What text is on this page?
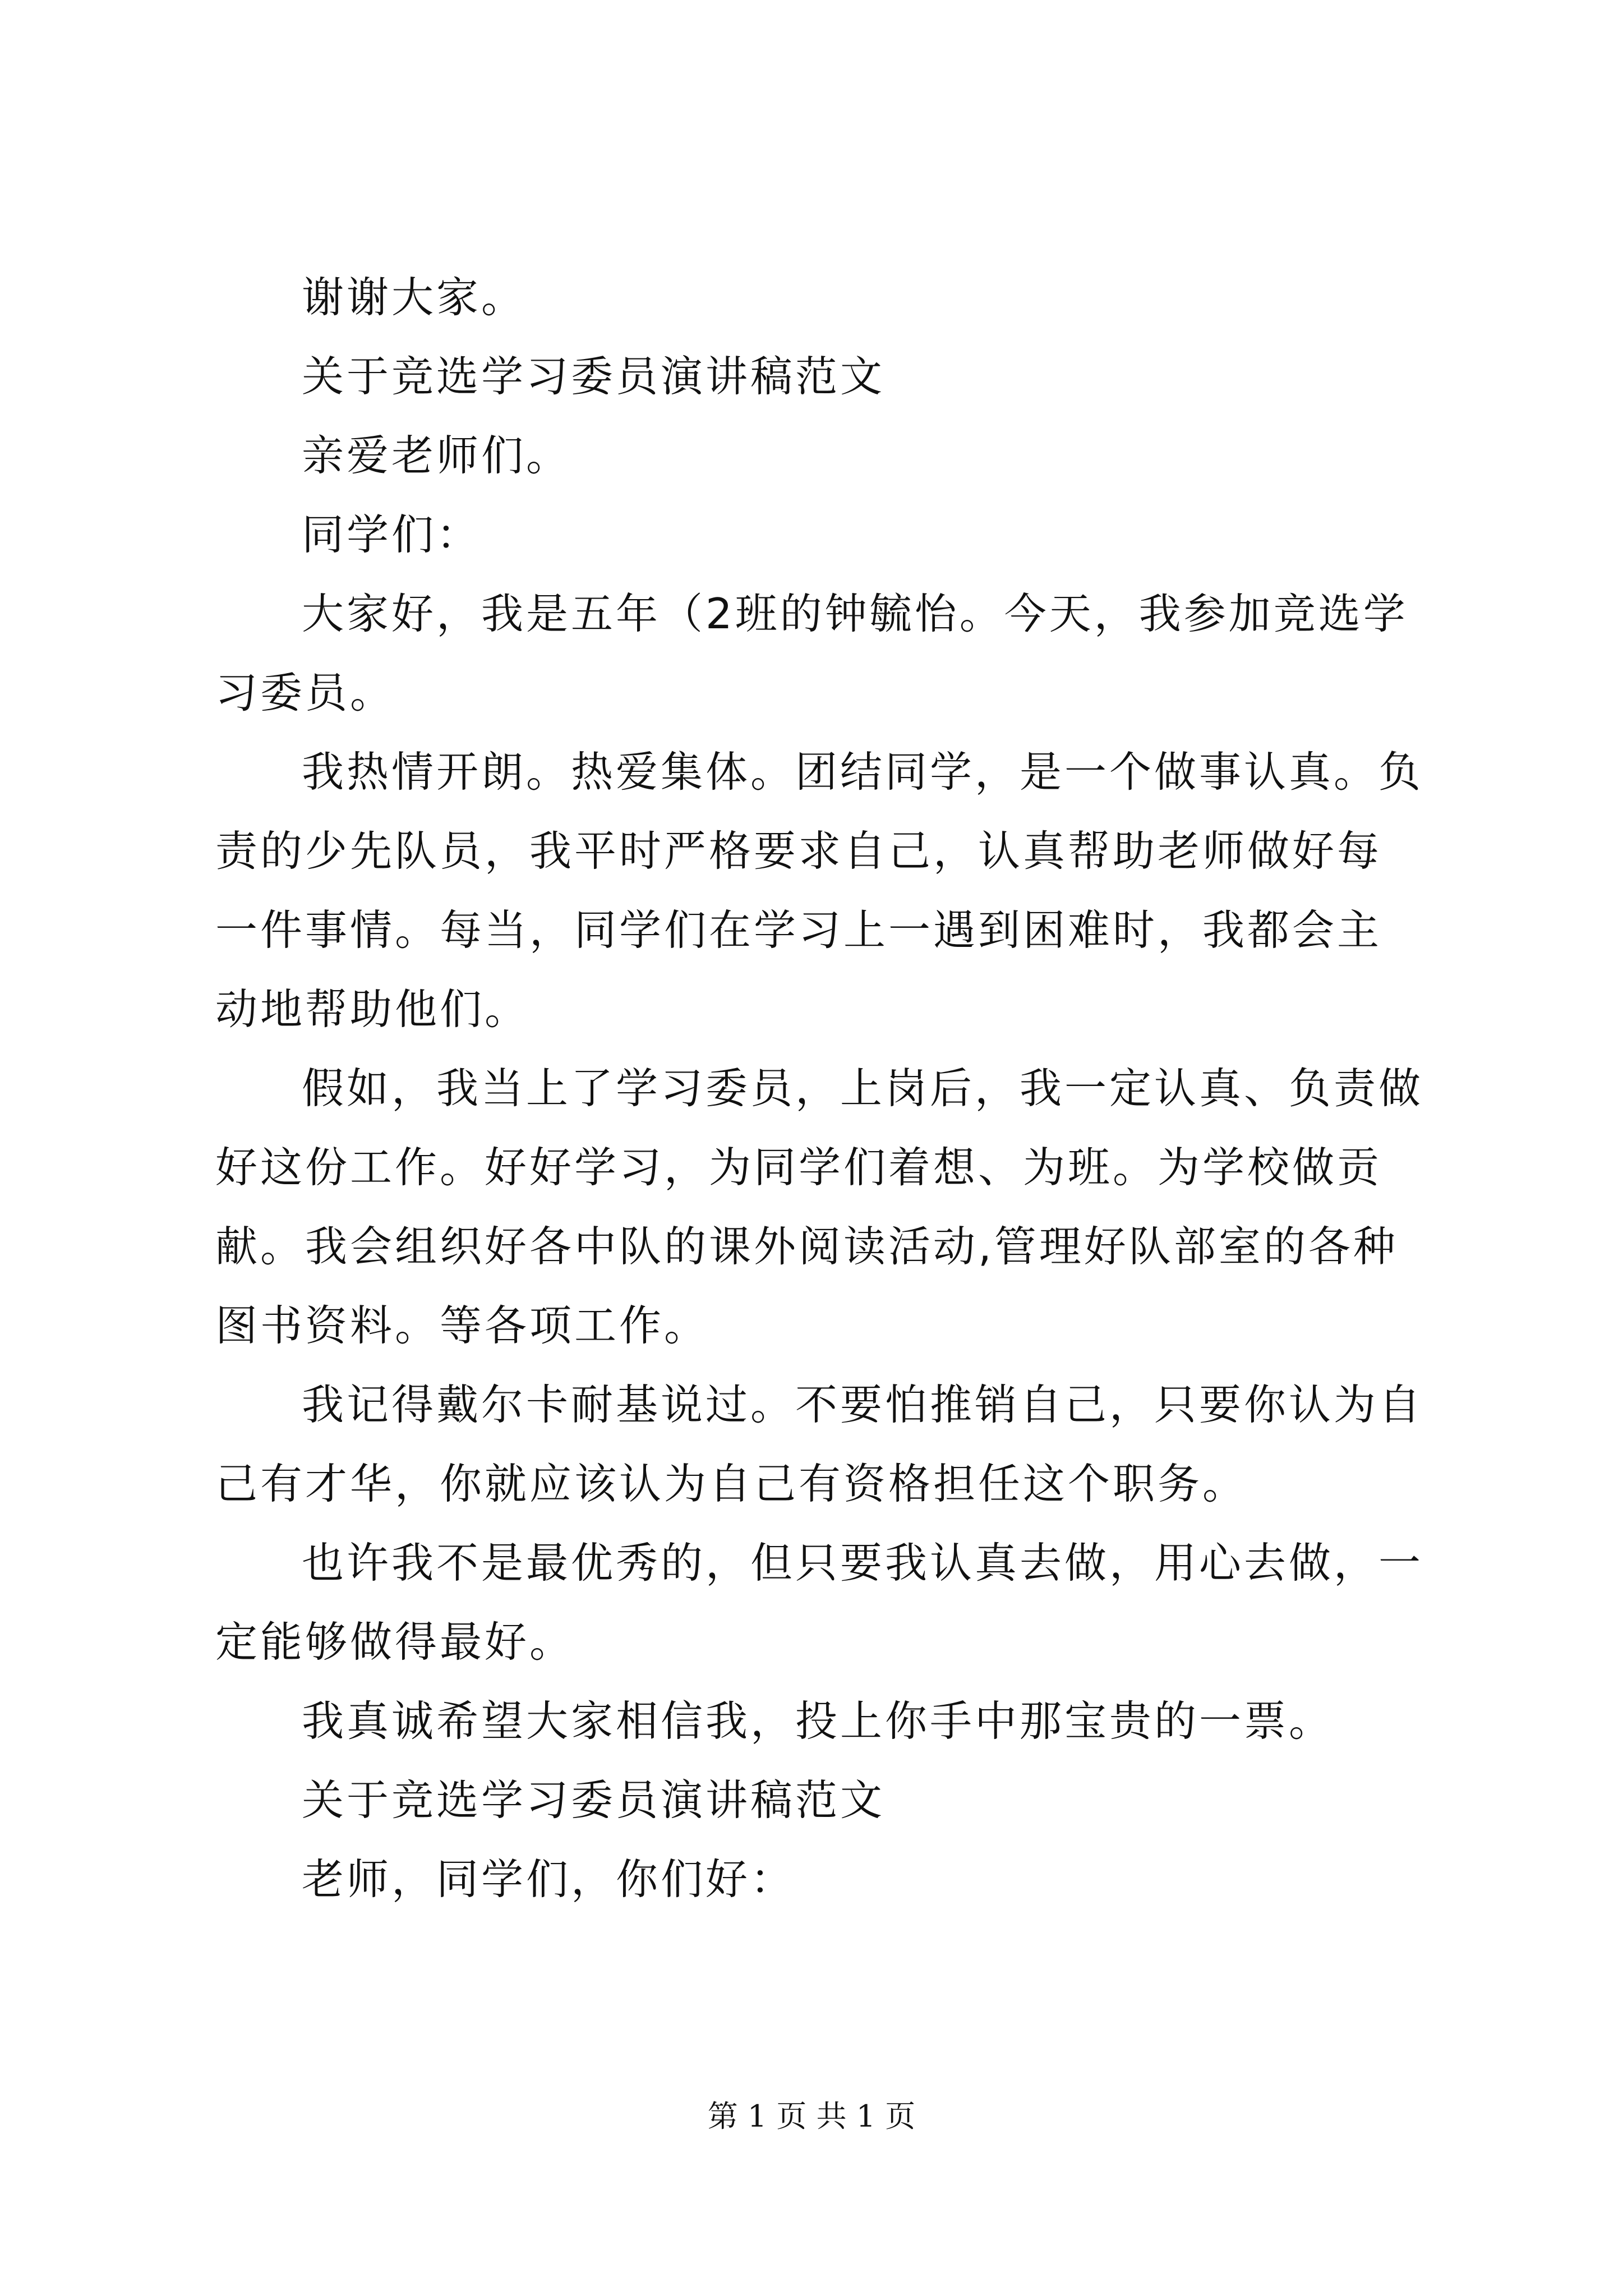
谢谢大家。

关于竞选学习委员演讲稿范文

亲爱老师们。

同学们：

大家好，我是五年（2班的钟毓怡。今天，我参加竞选学习委员。

我热情开朗。热爱集体。团结同学，是一个做事认真。负责的少先队员，我平时严格要求自己，认真帮助老师做好每一件事情。每当，同学们在学习上一遇到困难时，我都会主动地帮助他们。

假如，我当上了学习委员，上岗后，我一定认真、负责做好这份工作。好好学习，为同学们着想、为班。为学校做贡献。我会组织好各中队的课外阅读活动,管理好队部室的各种图书资料。等各项工作。

我记得戴尔卡耐基说过。不要怕推销自己，只要你认为自己有才华，你就应该认为自己有资格担任这个职务。

也许我不是最优秀的，但只要我认真去做，用心去做，一定能够做得最好。

我真诚希望大家相信我，投上你手中那宝贵的一票。

关于竞选学习委员演讲稿范文

老师，同学们，你们好：

第 1 页 共 1 页
